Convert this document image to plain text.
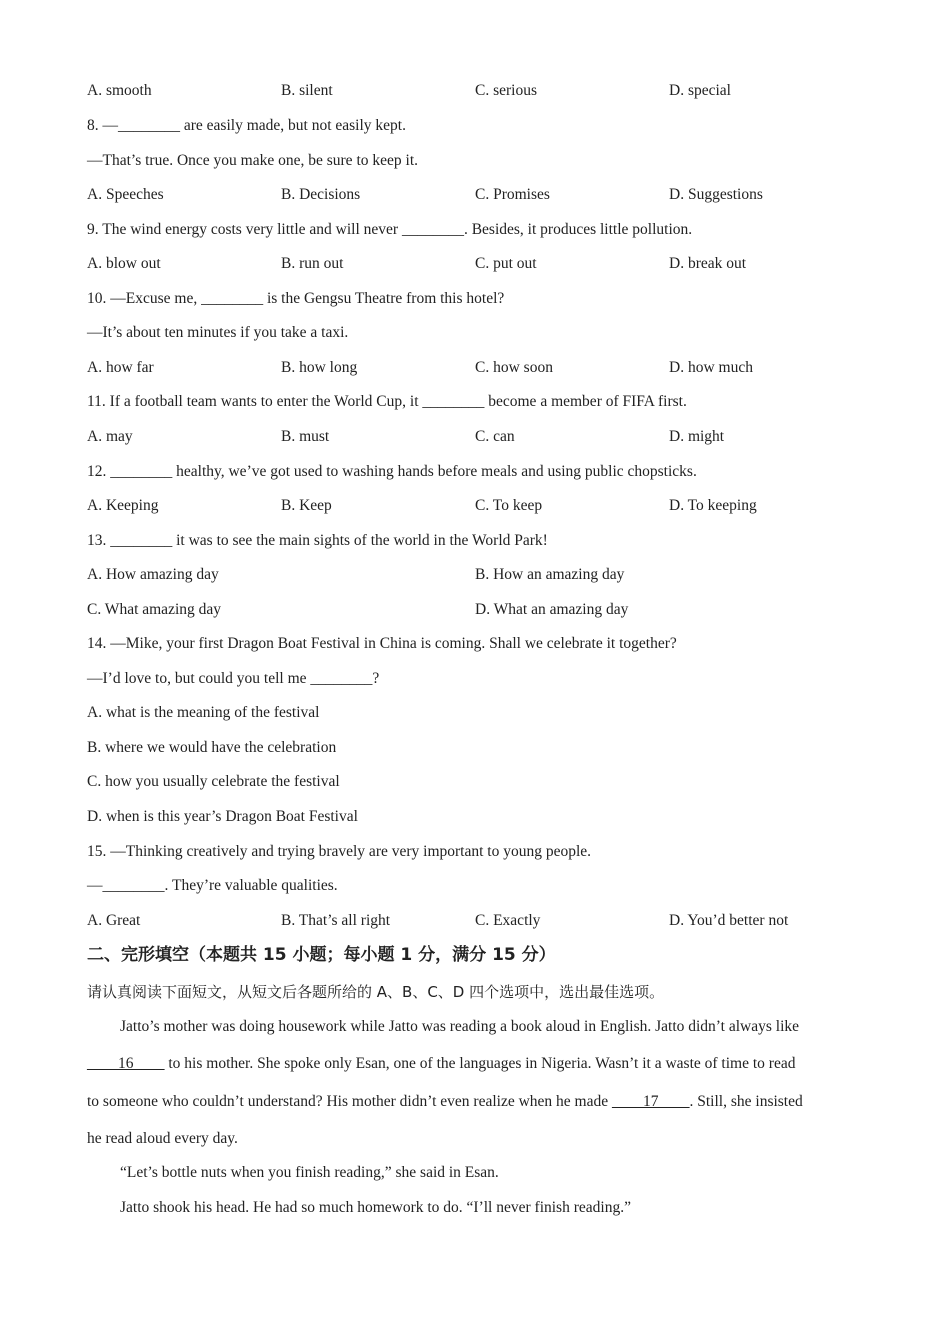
A. smooth	B. silent	C. serious	D. special
8. —________ are easily made, but not easily kept.
—That’s true. Once you make one, be sure to keep it.
A. Speeches	B. Decisions	C. Promises	D. Suggestions
9. The wind energy costs very little and will never ________. Besides, it produces little pollution.
A. blow out	B. run out	C. put out	D. break out
10. —Excuse me, ________ is the Gengsu Theatre from this hotel?
—It’s about ten minutes if you take a taxi.
A. how far	B. how long	C. how soon	D. how much
11. If a football team wants to enter the World Cup, it ________ become a member of FIFA first.
A. may	B. must	C. can	D. might
12. ________ healthy, we’ve got used to washing hands before meals and using public chopsticks.
A. Keeping	B. Keep	C. To keep	D. To keeping
13. ________ it was to see the main sights of the world in the World Park!
A. How amazing day	B. How an amazing day
C. What amazing day	D. What an amazing day
14. —Mike, your first Dragon Boat Festival in China is coming. Shall we celebrate it together?
—I’d love to, but could you tell me ________?
A. what is the meaning of the festival
B. where we would have the celebration
C. how you usually celebrate the festival
D. when is this year’s Dragon Boat Festival
15. —Thinking creatively and trying bravely are very important to young people.
—________. They’re valuable qualities.
A. Great	B. That’s all right	C. Exactly	D. You’d better not
二、完形填空（本题共 15 小题；每小题 1 分，满分 15 分）
请认真阅读下面短文，从短文后各题所给的 A、B、C、D 四个选项中，选出最佳选项。
Jatto’s mother was doing housework while Jatto was reading a book aloud in English. Jatto didn’t always like
____16____ to his mother. She spoke only Esan, one of the languages in Nigeria. Wasn’t it a waste of time to read
to someone who couldn’t understand? His mother didn’t even realize when he made ____17____. Still, she insisted
he read aloud every day.
“Let’s bottle nuts when you finish reading,” she said in Esan.
Jatto shook his head. He had so much homework to do. “I’ll never finish reading.”
